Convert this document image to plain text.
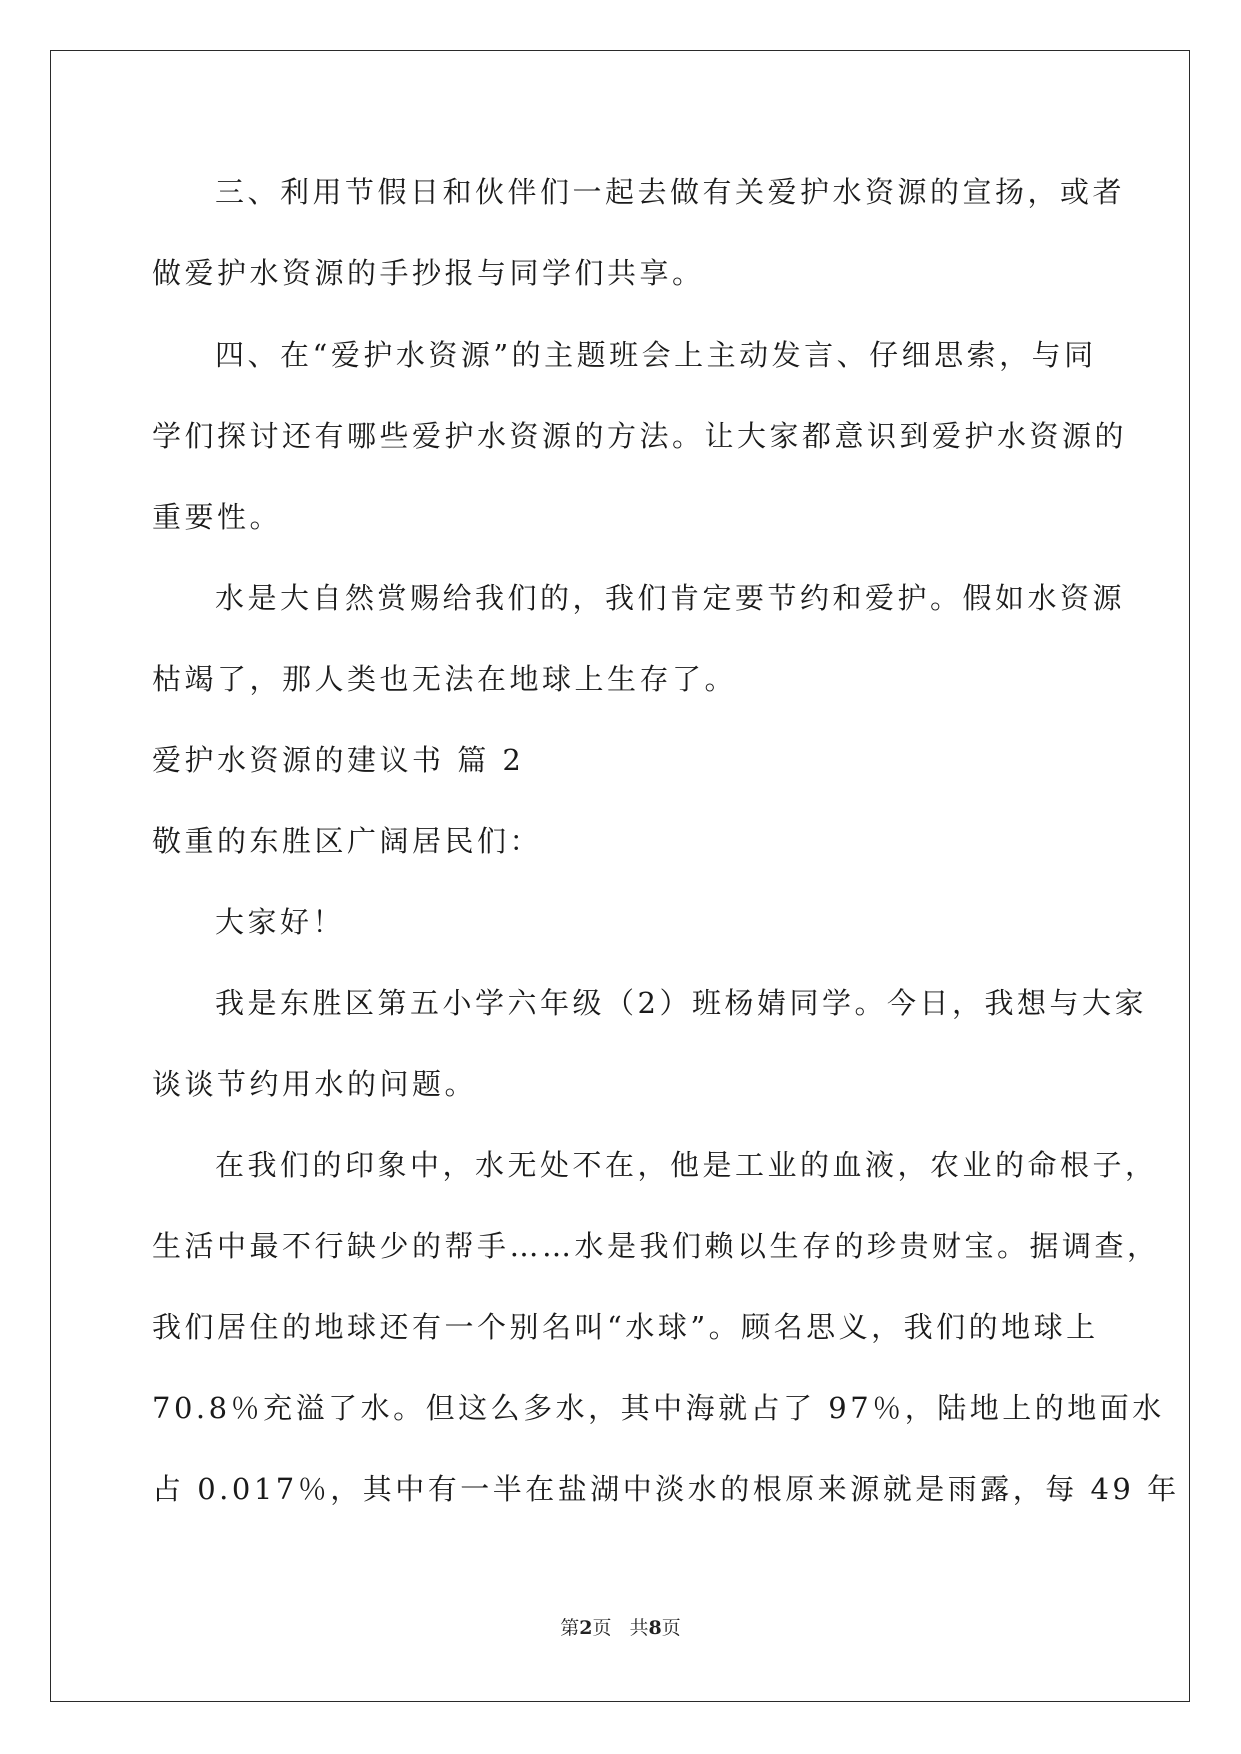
三、利用节假日和伙伴们一起去做有关爱护水资源的宣扬，或者
做爱护水资源的手抄报与同学们共享。
四、在“爱护水资源”的主题班会上主动发言、仔细思索，与同
学们探讨还有哪些爱护水资源的方法。让大家都意识到爱护水资源的
重要性。
水是大自然赏赐给我们的，我们肯定要节约和爱护。假如水资源
枯竭了，那人类也无法在地球上生存了。
爱护水资源的建议书 篇 2
敬重的东胜区广阔居民们：
大家好！
我是东胜区第五小学六年级（2）班杨婧同学。今日，我想与大家
谈谈节约用水的问题。
在我们的印象中，水无处不在，他是工业的血液，农业的命根子，
生活中最不行缺少的帮手……水是我们赖以生存的珍贵财宝。据调查，
我们居住的地球还有一个别名叫“水球”。顾名思义，我们的地球上
70.8％充溢了水。但这么多水，其中海就占了 97％，陆地上的地面水
占 0.017％，其中有一半在盐湖中淡水的根原来源就是雨露，每 49 年
第2页 共8页
